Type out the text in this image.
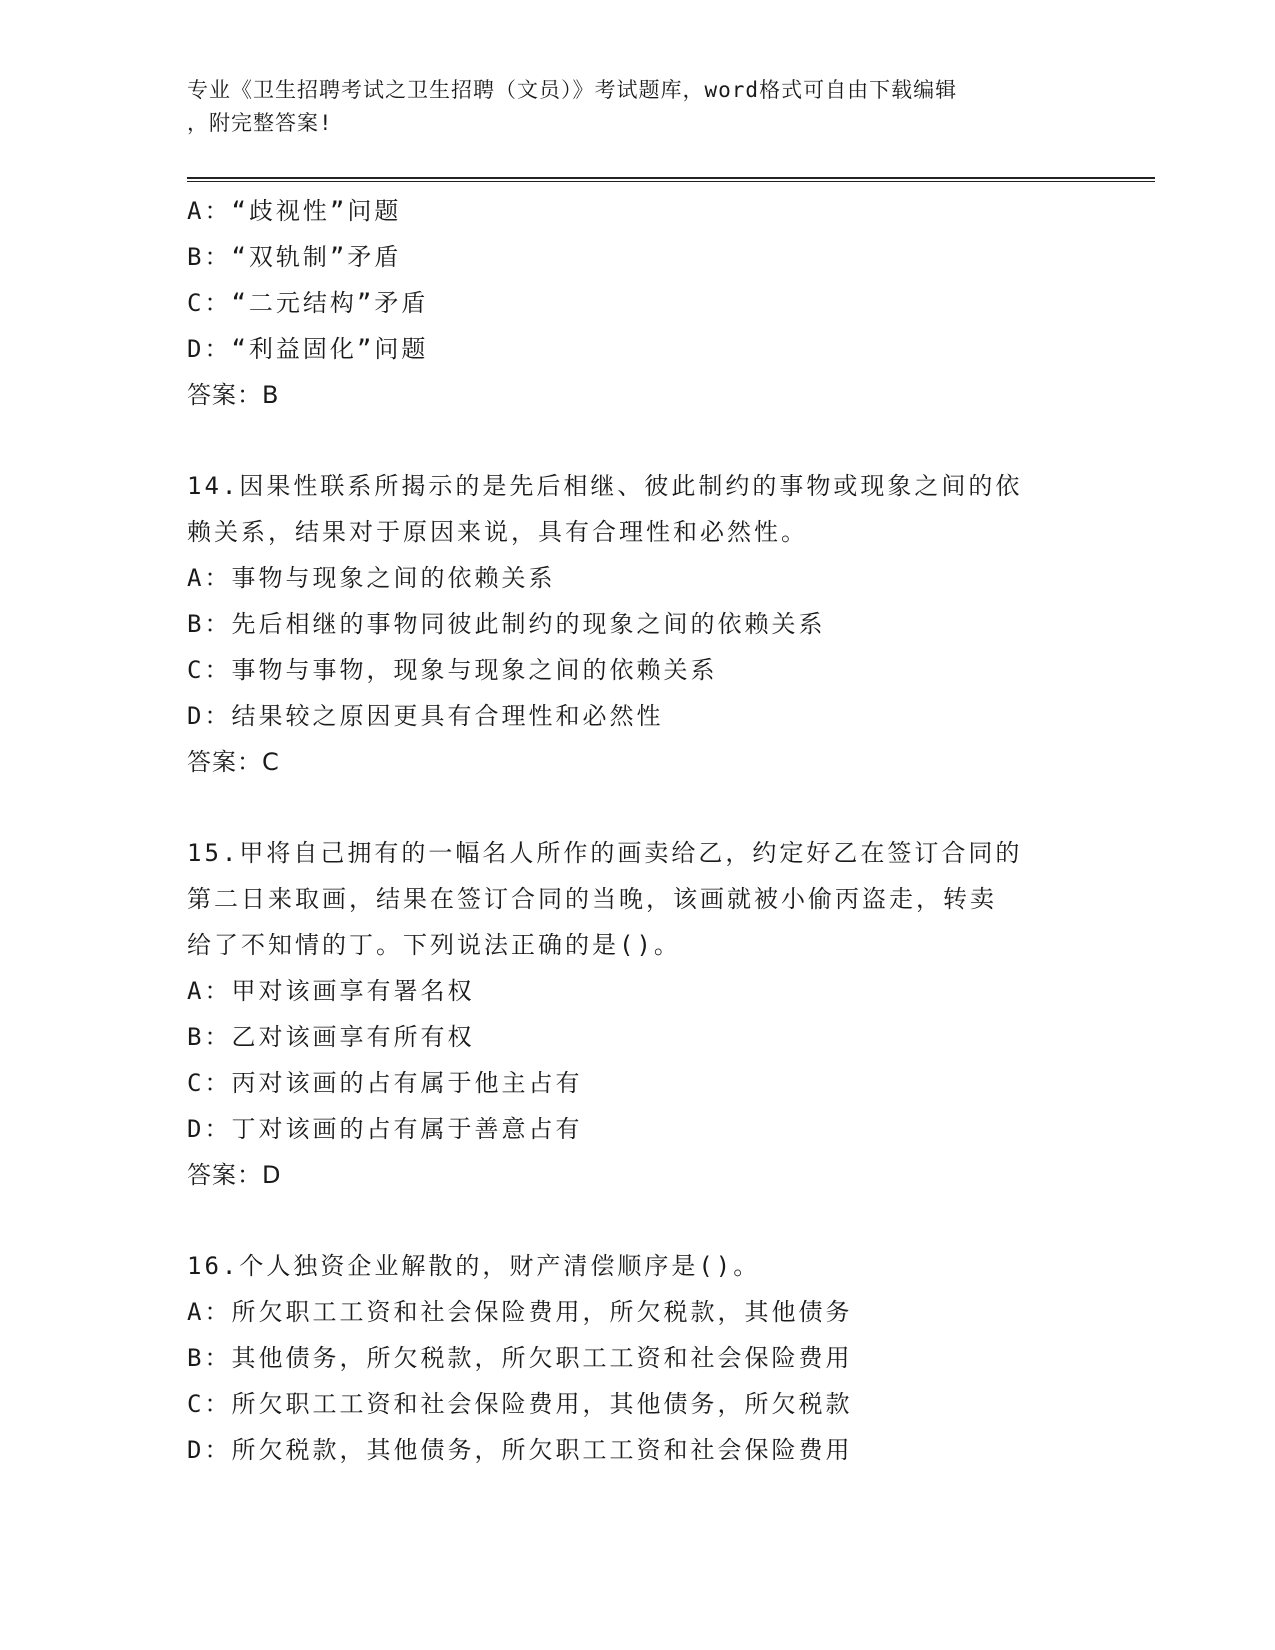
专业《卫生招聘考试之卫生招聘（文员）》考试题库，word格式可自由下载编辑
，附完整答案!
A：“歧视性”问题
B：“双轨制”矛盾
C：“二元结构”矛盾
D：“利益固化”问题
答案：B
14.因果性联系所揭示的是先后相继、彼此制约的事物或现象之间的依
赖关系，结果对于原因来说，具有合理性和必然性。
A：事物与现象之间的依赖关系
B：先后相继的事物同彼此制约的现象之间的依赖关系
C：事物与事物，现象与现象之间的依赖关系
D：结果较之原因更具有合理性和必然性
答案：C
15.甲将自己拥有的一幅名人所作的画卖给乙，约定好乙在签订合同的
第二日来取画，结果在签订合同的当晚，该画就被小偷丙盗走，转卖
给了不知情的丁。下列说法正确的是()。
A：甲对该画享有署名权
B：乙对该画享有所有权
C：丙对该画的占有属于他主占有
D：丁对该画的占有属于善意占有
答案：D
16.个人独资企业解散的，财产清偿顺序是()。
A：所欠职工工资和社会保险费用，所欠税款，其他债务
B：其他债务，所欠税款，所欠职工工资和社会保险费用
C：所欠职工工资和社会保险费用，其他债务，所欠税款
D：所欠税款，其他债务，所欠职工工资和社会保险费用
